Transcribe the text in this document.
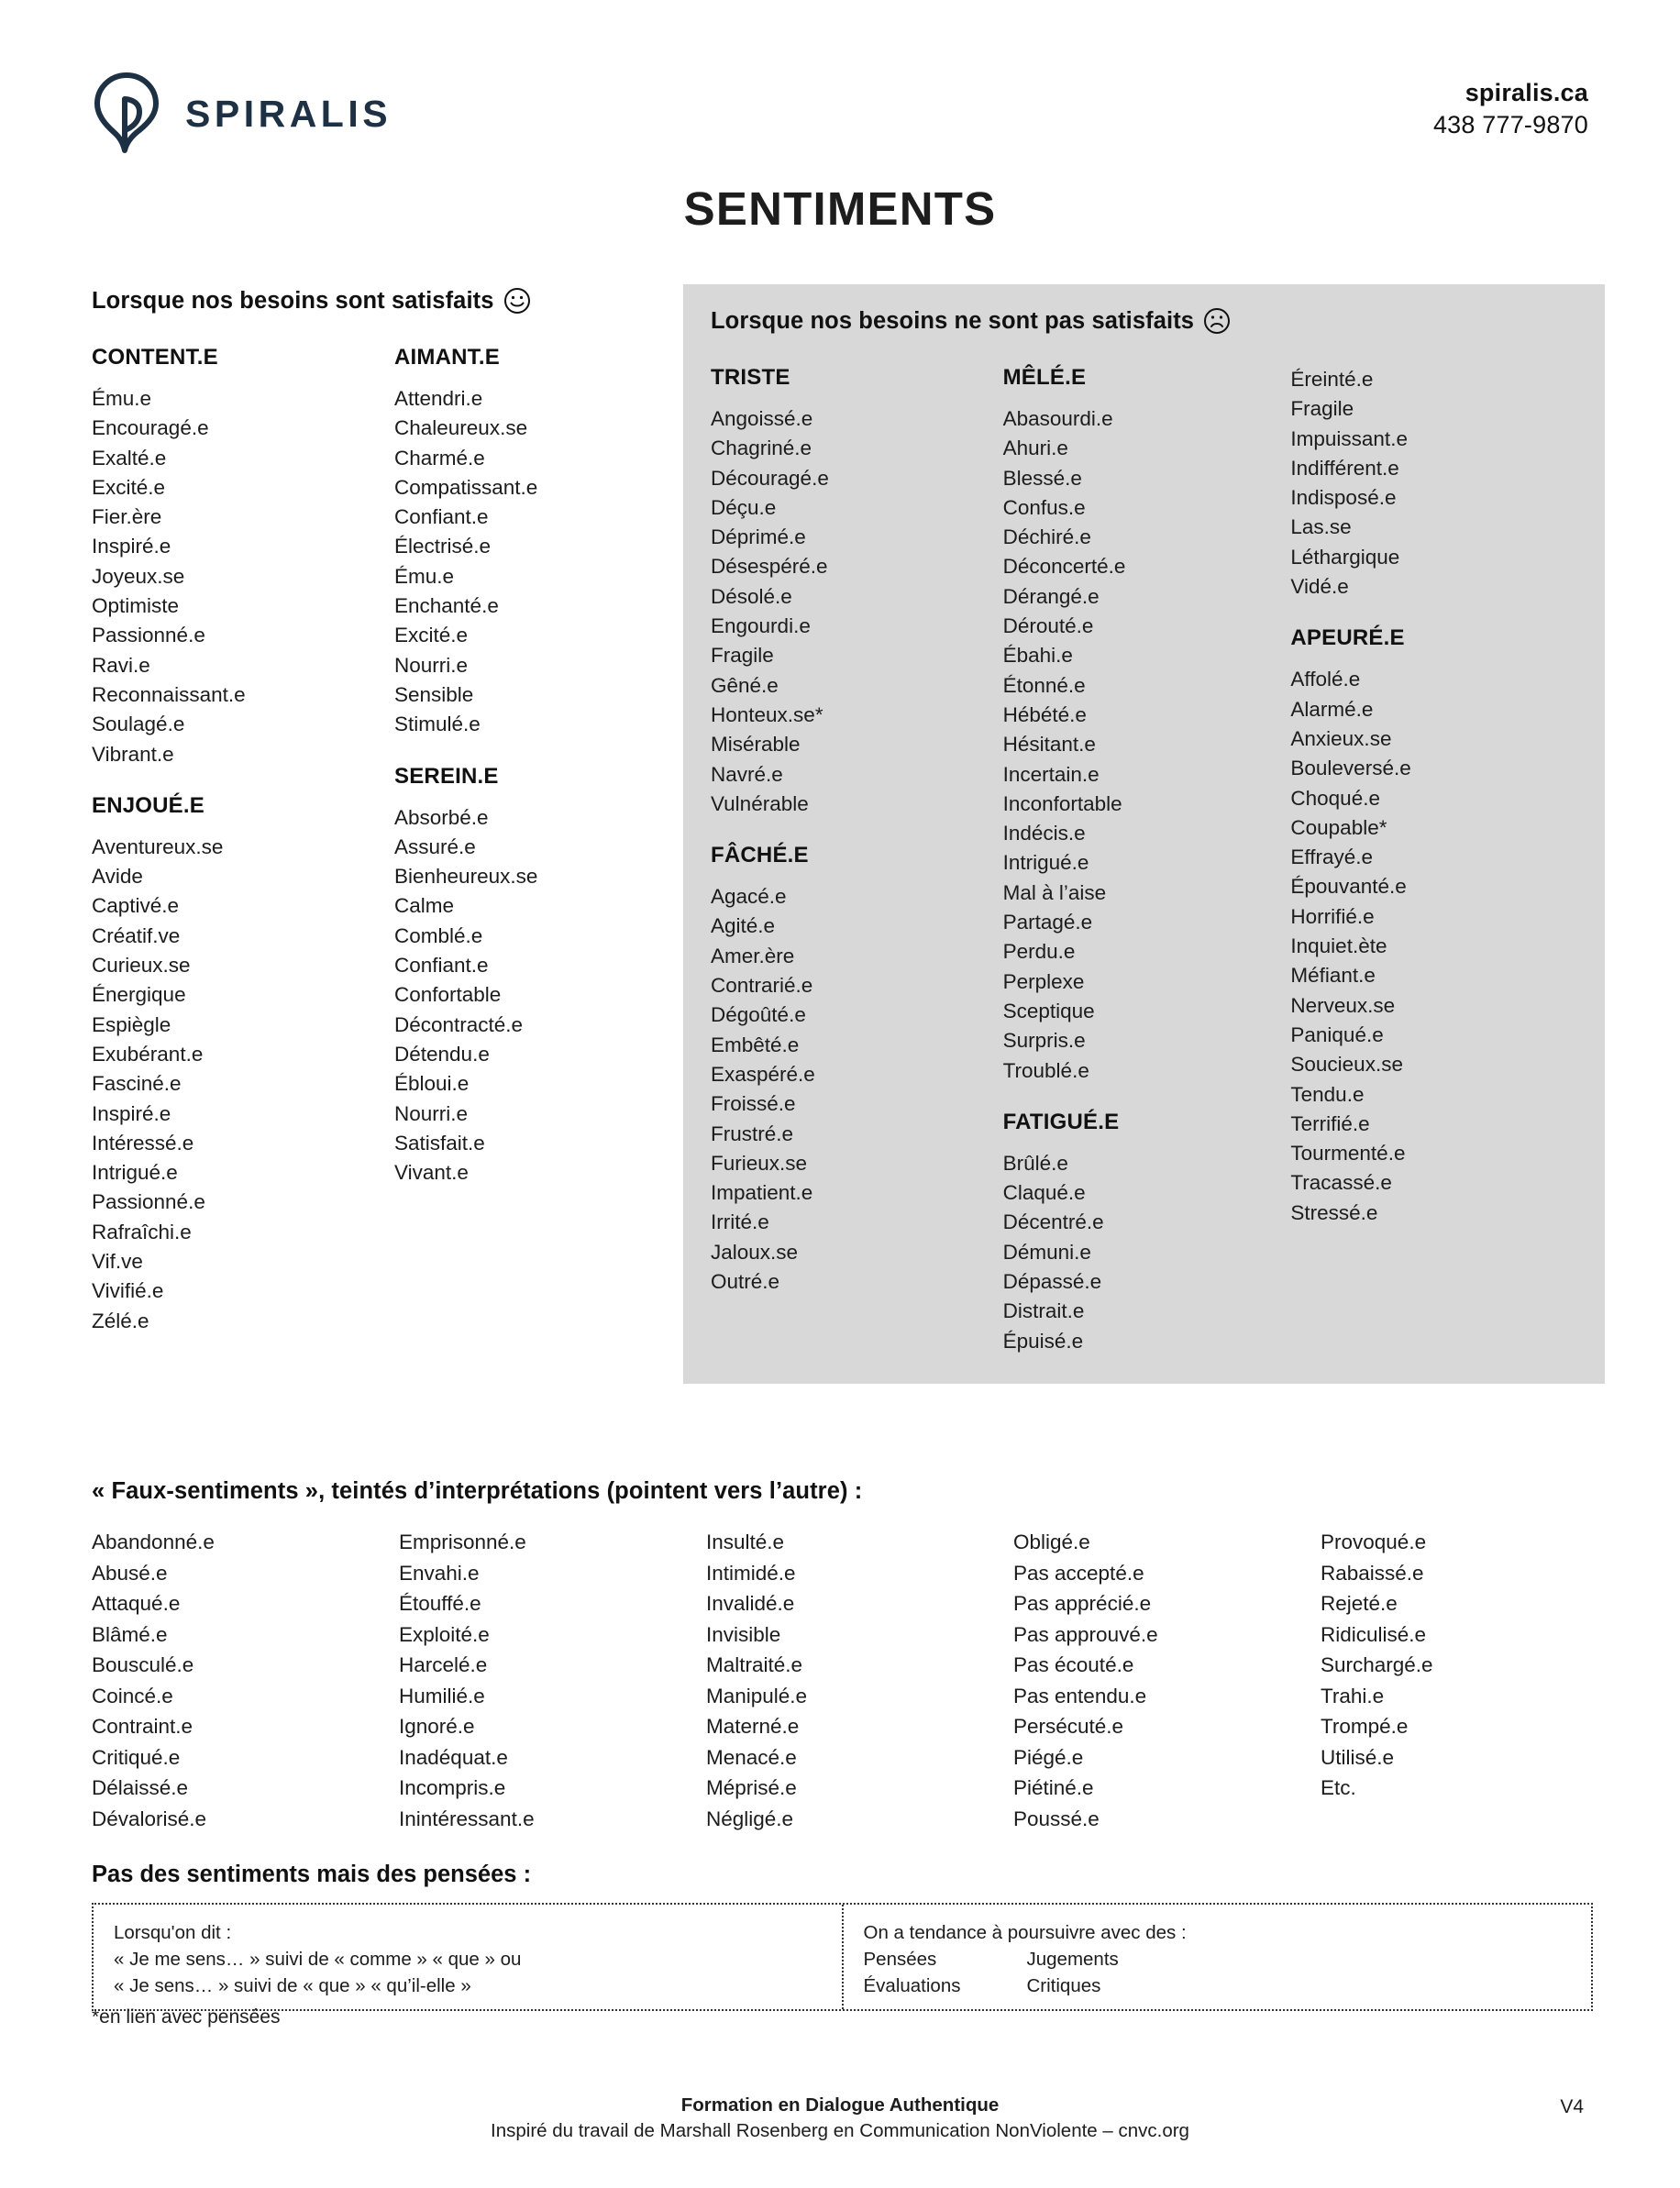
SPIRALIS	spiralis.ca
438 777-9870
SENTIMENTS
Lorsque nos besoins sont satisfaits
CONTENT.E
Ému.e
Encouragé.e
Exalté.e
Excité.e
Fier.ère
Inspiré.e
Joyeux.se
Optimiste
Passionné.e
Ravi.e
Reconnaissant.e
Soulagé.e
Vibrant.e
ENJOUÉ.E
Aventureux.se
Avide
Captivé.e
Créatif.ve
Curieux.se
Énergique
Espiègle
Exubérant.e
Fasciné.e
Inspiré.e
Intéressé.e
Intrigué.e
Passionné.e
Rafraîchi.e
Vif.ve
Vivifié.e
Zélé.e
AIMANT.E
Attendri.e
Chaleureux.se
Charmé.e
Compatissant.e
Confiant.e
Électrisé.e
Ému.e
Enchanté.e
Excité.e
Nourri.e
Sensible
Stimulé.e
SEREIN.E
Absorbé.e
Assuré.e
Bienheureux.se
Calme
Comblé.e
Confiant.e
Confortable
Décontracté.e
Détendu.e
Ébloui.e
Nourri.e
Satisfait.e
Vivant.e
Lorsque nos besoins ne sont pas satisfaits
TRISTE
Angoissé.e
Chagriné.e
Découragé.e
Déçu.e
Déprimé.e
Désespéré.e
Désolé.e
Engourdi.e
Fragile
Gêné.e
Honteux.se*
Misérable
Navré.e
Vulnérable
FÂCHÉ.E
Agacé.e
Agité.e
Amer.ère
Contrarié.e
Dégoûté.e
Embêté.e
Exaspéré.e
Froissé.e
Frustré.e
Furieux.se
Impatient.e
Irrité.e
Jaloux.se
Outré.e
MÊLÉ.E
Abasourdi.e
Ahuri.e
Blessé.e
Confus.e
Déchiré.e
Déconcerté.e
Dérangé.e
Dérouté.e
Ébahi.e
Étonné.e
Hébété.e
Hésitant.e
Incertain.e
Inconfortable
Indécis.e
Intrigué.e
Mal à l’aise
Partagé.e
Perdu.e
Perplexe
Sceptique
Surpris.e
Troublé.e
FATIGUÉ.E
Brûlé.e
Claqué.e
Décentré.e
Démuni.e
Dépassé.e
Distrait.e
Épuisé.e
Éreinté.e
Fragile
Impuissant.e
Indifférent.e
Indisposé.e
Las.se
Léthargique
Vidé.e
APEURÉ.E
Affolé.e
Alarmé.e
Anxieux.se
Bouleversé.e
Choqué.e
Coupable*
Effrayé.e
Épouvanté.e
Horrifié.e
Inquiet.ète
Méfiant.e
Nerveux.se
Paniqué.e
Soucieux.se
Tendu.e
Terrifié.e
Tourmenté.e
Tracassé.e
Stressé.e
« Faux-sentiments », teintés d’interprétations (pointent vers l’autre) :
Abandonné.e
Abusé.e
Attaqué.e
Blâmé.e
Bousculé.e
Coincé.e
Contraint.e
Critiqué.e
Délaissé.e
Dévalorisé.e
Emprisonné.e
Envahi.e
Étouffé.e
Exploité.e
Harcelé.e
Humilié.e
Ignoré.e
Inadéquat.e
Incompris.e
Inintéressant.e
Insulté.e
Intimidé.e
Invalidé.e
Invisible
Maltraité.e
Manipulé.e
Materné.e
Menacé.e
Méprisé.e
Négligé.e
Obligé.e
Pas accepté.e
Pas apprécié.e
Pas approuvé.e
Pas écouté.e
Pas entendu.e
Persécuté.e
Piégé.e
Piétiné.e
Poussé.e
Provoqué.e
Rabaissé.e
Rejeté.e
Ridiculisé.e
Surchargé.e
Trahi.e
Trompé.e
Utilisé.e
Etc.
Pas des sentiments mais des pensées :
Lorsqu'on dit :
« Je me sens… » suivi de « comme » « que » ou
« Je sens… » suivi de « que » « qu’il-elle »
On a tendance à poursuivre avec des :
Pensées
Évaluations
Jugements
Critiques
*en lien avec pensées
Formation en Dialogue Authentique
Inspiré du travail de Marshall Rosenberg en Communication NonViolente – cnvc.org
V4
